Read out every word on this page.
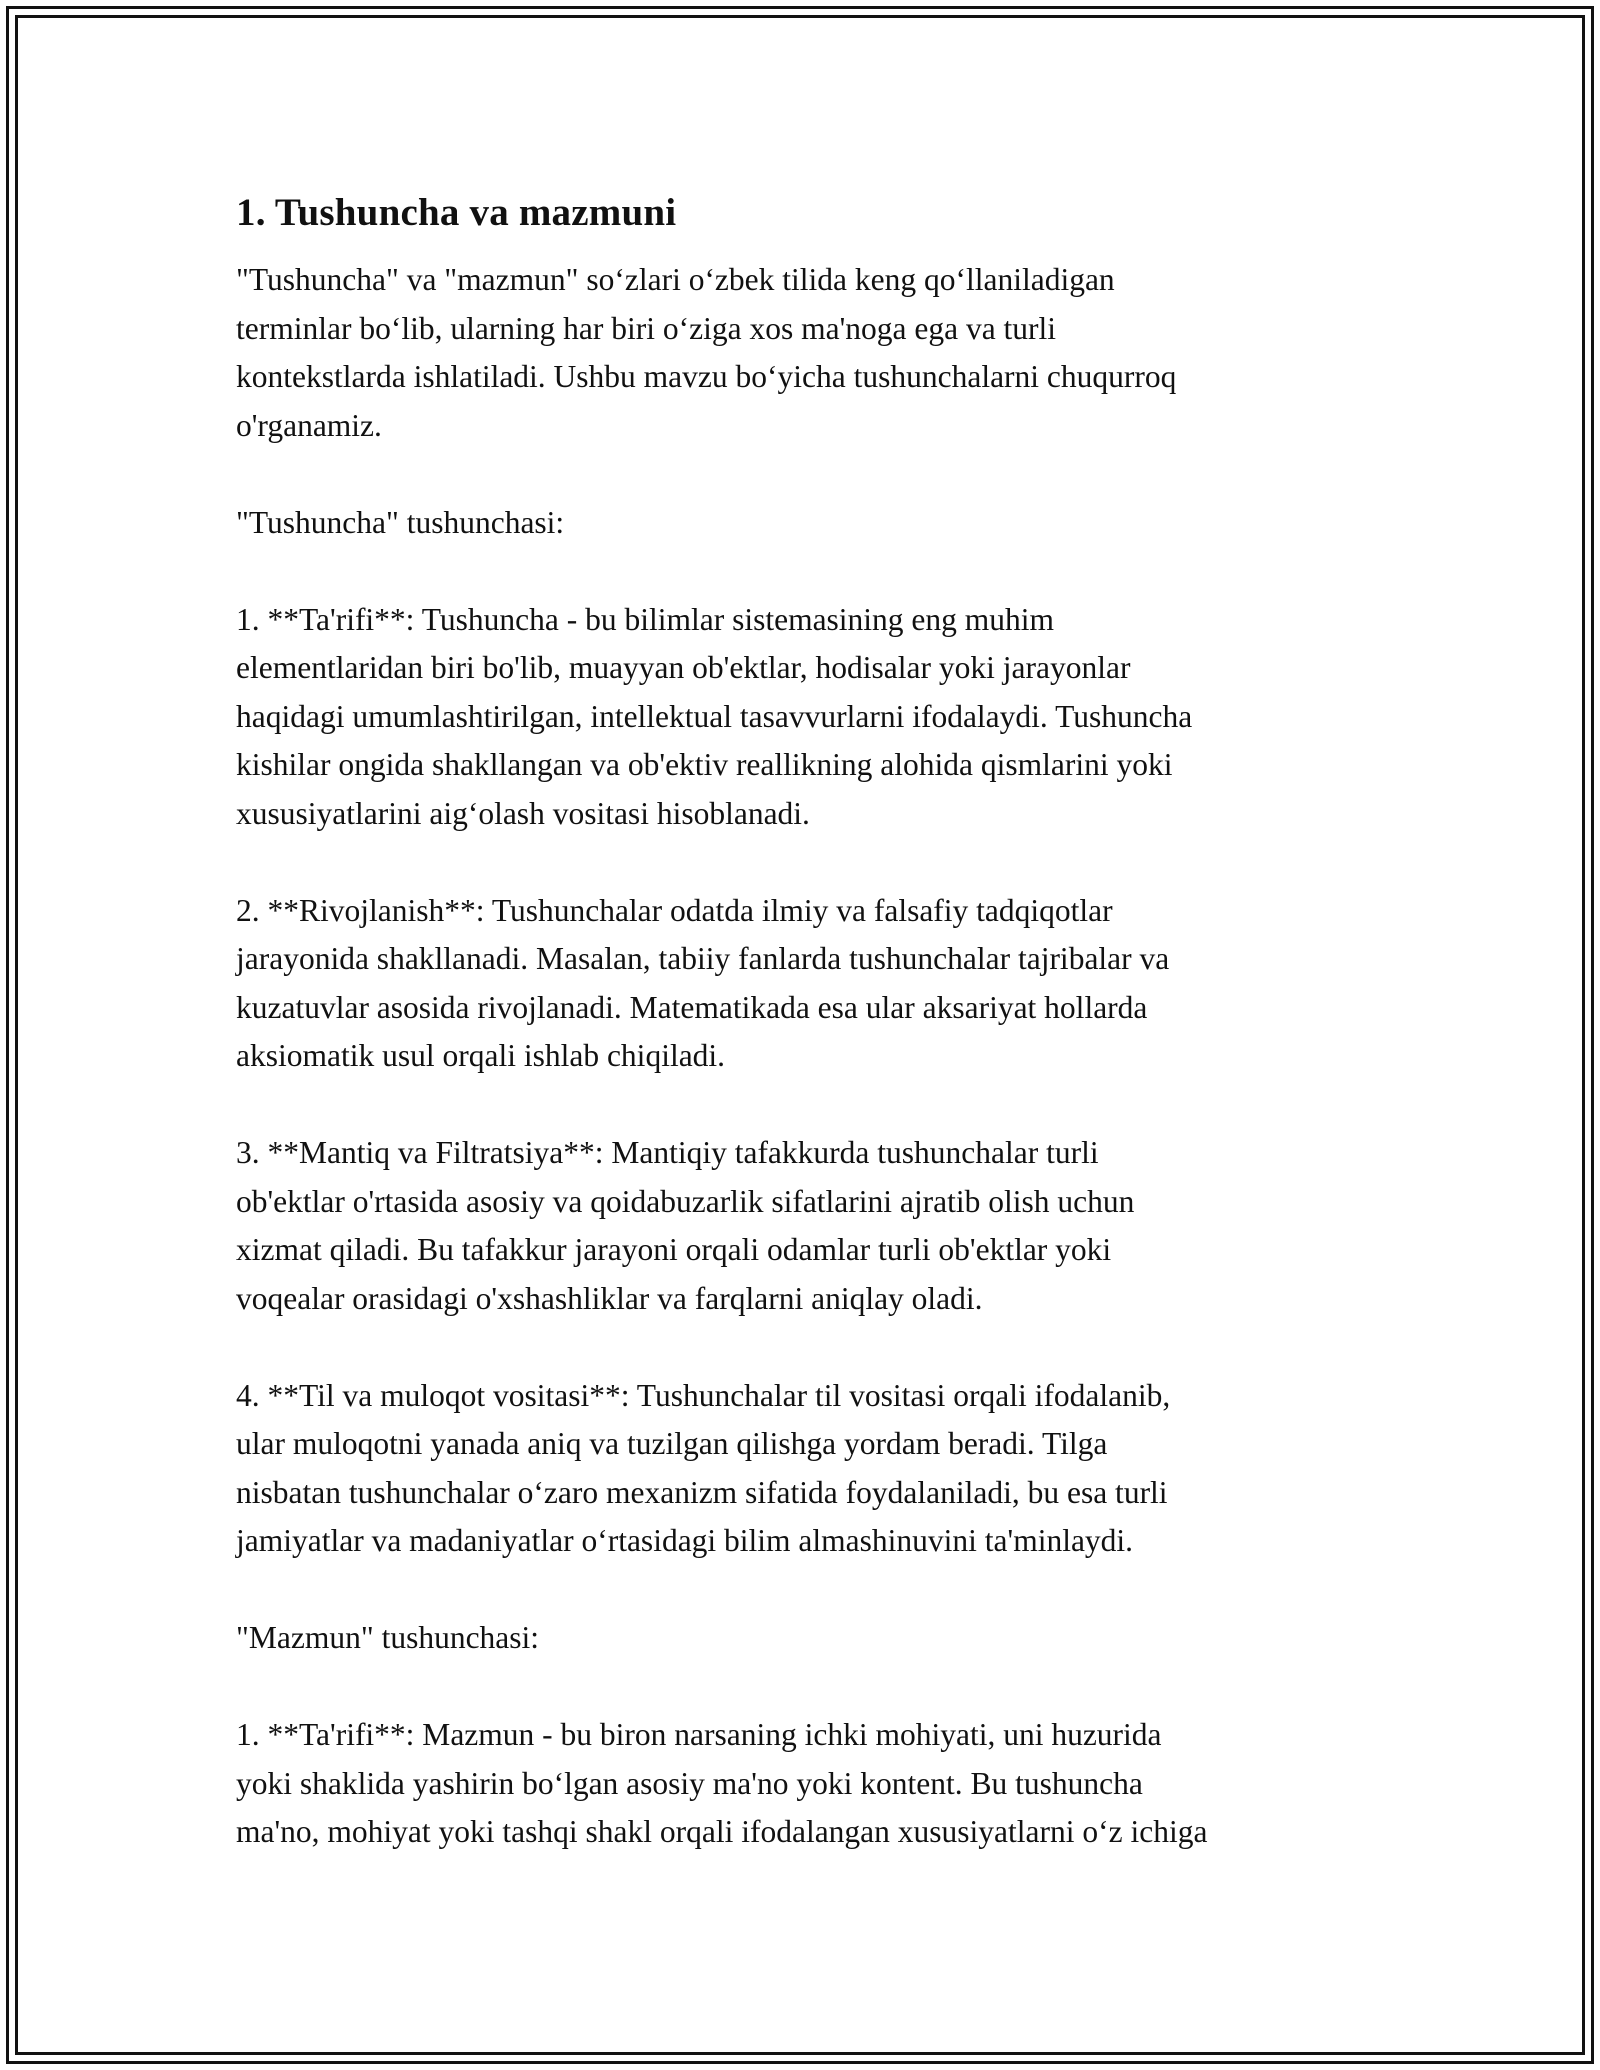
1. Tushuncha va mazmuni
"Tushuncha" va "mazmun" so‘zlari o‘zbek tilida keng qo‘llaniladigan
terminlar bo‘lib, ularning har biri o‘ziga xos ma'noga ega va turli
kontekstlarda ishlatiladi. Ushbu mavzu bo‘yicha tushunchalarni chuqurroq
o'rganamiz.
"Tushuncha" tushunchasi:
1. **Ta'rifi**: Tushuncha - bu bilimlar sistemasining eng muhim
elementlaridan biri bo'lib, muayyan ob'ektlar, hodisalar yoki jarayonlar
haqidagi umumlashtirilgan, intellektual tasavvurlarni ifodalaydi. Tushuncha
kishilar ongida shakllangan va ob'ektiv reallikning alohida qismlarini yoki
xususiyatlarini aig‘olash vositasi hisoblanadi.
2. **Rivojlanish**: Tushunchalar odatda ilmiy va falsafiy tadqiqotlar
jarayonida shakllanadi. Masalan, tabiiy fanlarda tushunchalar tajribalar va
kuzatuvlar asosida rivojlanadi. Matematikada esa ular aksariyat hollarda
aksiomatik usul orqali ishlab chiqiladi.
3. **Mantiq va Filtratsiya**: Mantiqiy tafakkurda tushunchalar turli
ob'ektlar o'rtasida asosiy va qoidabuzarlik sifatlarini ajratib olish uchun
xizmat qiladi. Bu tafakkur jarayoni orqali odamlar turli ob'ektlar yoki
voqealar orasidagi o'xshashliklar va farqlarni aniqlay oladi.
4. **Til va muloqot vositasi**: Tushunchalar til vositasi orqali ifodalanib,
ular muloqotni yanada aniq va tuzilgan qilishga yordam beradi. Tilga
nisbatan tushunchalar o‘zaro mexanizm sifatida foydalaniladi, bu esa turli
jamiyatlar va madaniyatlar o‘rtasidagi bilim almashinuvini ta'minlaydi.
"Mazmun" tushunchasi:
1. **Ta'rifi**: Mazmun - bu biron narsaning ichki mohiyati, uni huzurida
yoki shaklida yashirin bo‘lgan asosiy ma'no yoki kontent. Bu tushuncha
ma'no, mohiyat yoki tashqi shakl orqali ifodalangan xususiyatlarni o‘z ichiga
